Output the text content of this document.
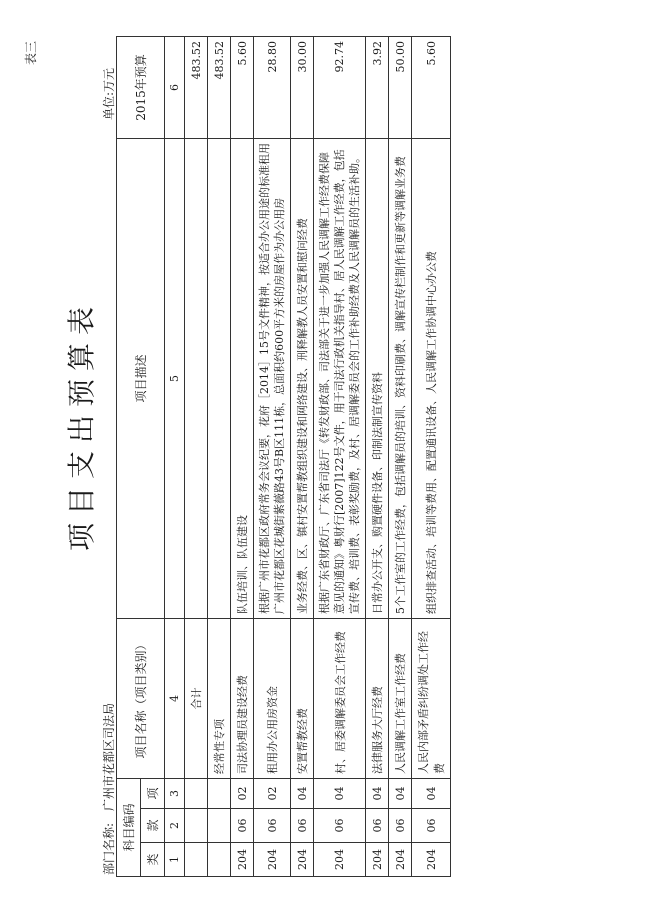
表三
项目支出预算表
部门名称:
广州市花都区司法局
单位:万元
科目编码			项目名称（项目类别）	项目描述	2015年预算
类	款	项			
1	2	3	4	5	6
			合计		483.52
			经常性专项		483.52
204	06	02	司法协理员建设经费	队伍培训、队伍建设	5.60
204	06	02	租用办公用房资金	根据广州市花都区政府常务会议纪要，花府［2014］15号文件精神，按适合办公用途的标准租用广州市花都区花城街紫薇路43号B区111栋，总面积约600平方米的房屋作为办公用房	28.80
204	06	04	安置帮教经费	业务经费、区、镇村安置帮教组织建设和网络建设、刑释解教人员安置和慰问经费	30.00
204	06	04	村、居委调解委员会工作经费	根据广东省财政厅、广东省司法厅《转发财政部、司法部关于进一步加强人民调解工作经费保障意见的通知》粤财行[2007]122号文件，用于司法行政机关指导村、居人民调解工作经费，包括宣传费、培训费、表彰奖励费，及村、居调解委员会的工作补助经费及人民调解员的生活补助。	92.74
204	06	04	法律服务大厅经费	日常办公开支、购置硬件设备、印制法制宣传资料	3.92
204	06	04	人民调解工作室工作经费	5个工作室的工作经费，包括调解员的培训、资料印刷费、调解宣传栏制作和更新等调解业务费	50.00
204	06	04	人民内部矛盾纠纷调处工作经费	组织排查活动、培训等费用、配置通讯设备、人民调解工作协调中心办公费	5.60
